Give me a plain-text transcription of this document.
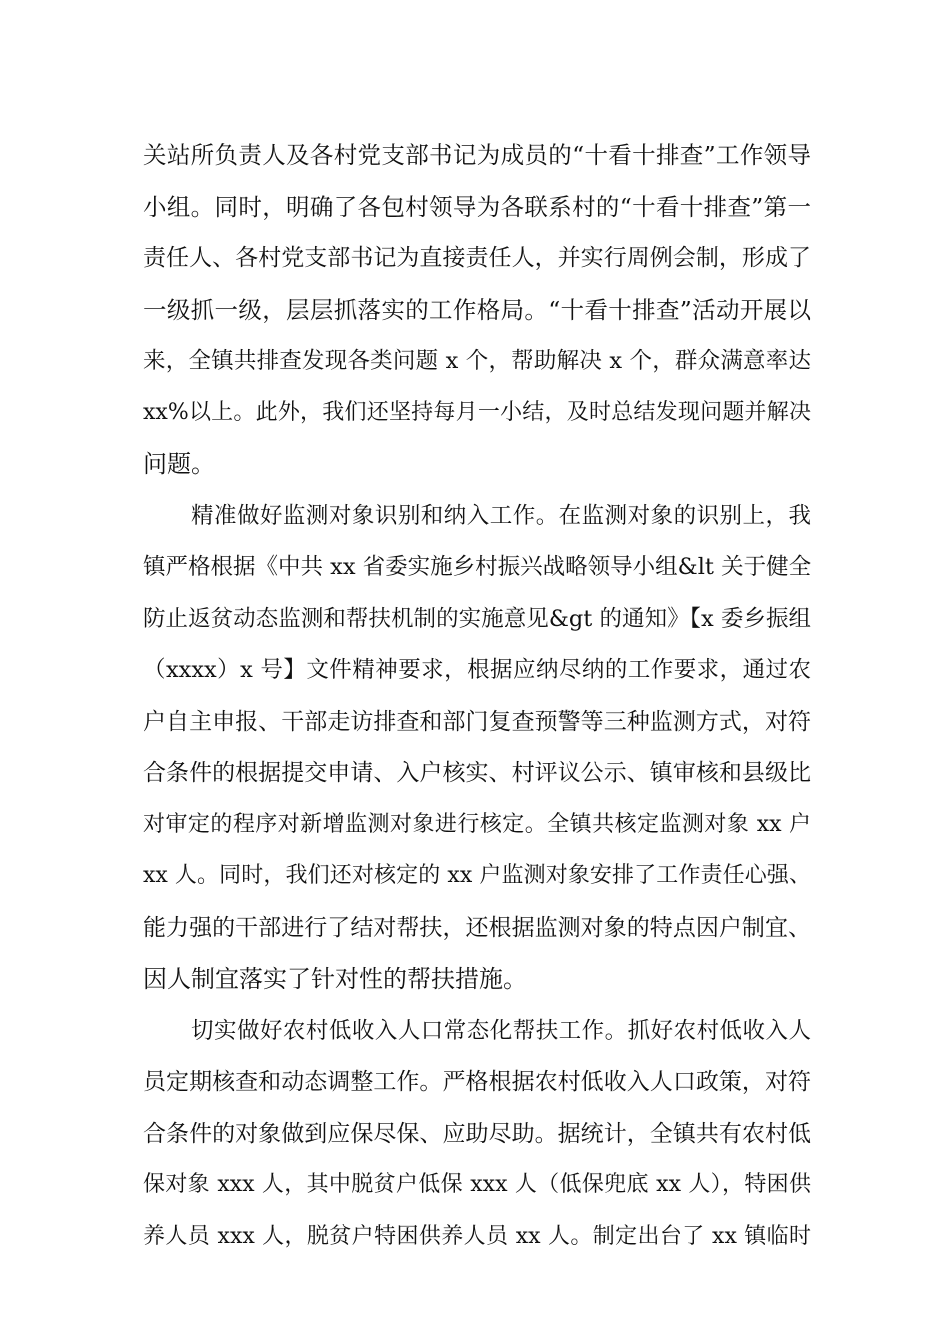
关站所负责人及各村党支部书记为成员的“十看十排查”工作领导
小组。同时，明确了各包村领导为各联系村的“十看十排查”第一
责任人、各村党支部书记为直接责任人，并实行周例会制，形成了
一级抓一级，层层抓落实的工作格局。“十看十排查”活动开展以
来，全镇共排查发现各类问题 x 个，帮助解决 x 个，群众满意率达
xx%以上。此外，我们还坚持每月一小结，及时总结发现问题并解决
问题。
精准做好监测对象识别和纳入工作。在监测对象的识别上，我
镇严格根据《中共 xx 省委实施乡村振兴战略领导小组&lt 关于健全
防止返贫动态监测和帮扶机制的实施意见&gt 的通知》【x 委乡振组
（xxxx）x 号】文件精神要求，根据应纳尽纳的工作要求，通过农
户自主申报、干部走访排查和部门复查预警等三种监测方式，对符
合条件的根据提交申请、入户核实、村评议公示、镇审核和县级比
对审定的程序对新增监测对象进行核定。全镇共核定监测对象 xx 户
xx 人。同时，我们还对核定的 xx 户监测对象安排了工作责任心强、
能力强的干部进行了结对帮扶，还根据监测对象的特点因户制宜、
因人制宜落实了针对性的帮扶措施。
切实做好农村低收入人口常态化帮扶工作。抓好农村低收入人
员定期核查和动态调整工作。严格根据农村低收入人口政策，对符
合条件的对象做到应保尽保、应助尽助。据统计，全镇共有农村低
保对象 xxx 人，其中脱贫户低保 xxx 人（低保兜底 xx 人），特困供
养人员 xxx 人，脱贫户特困供养人员 xx 人。制定出台了 xx 镇临时
